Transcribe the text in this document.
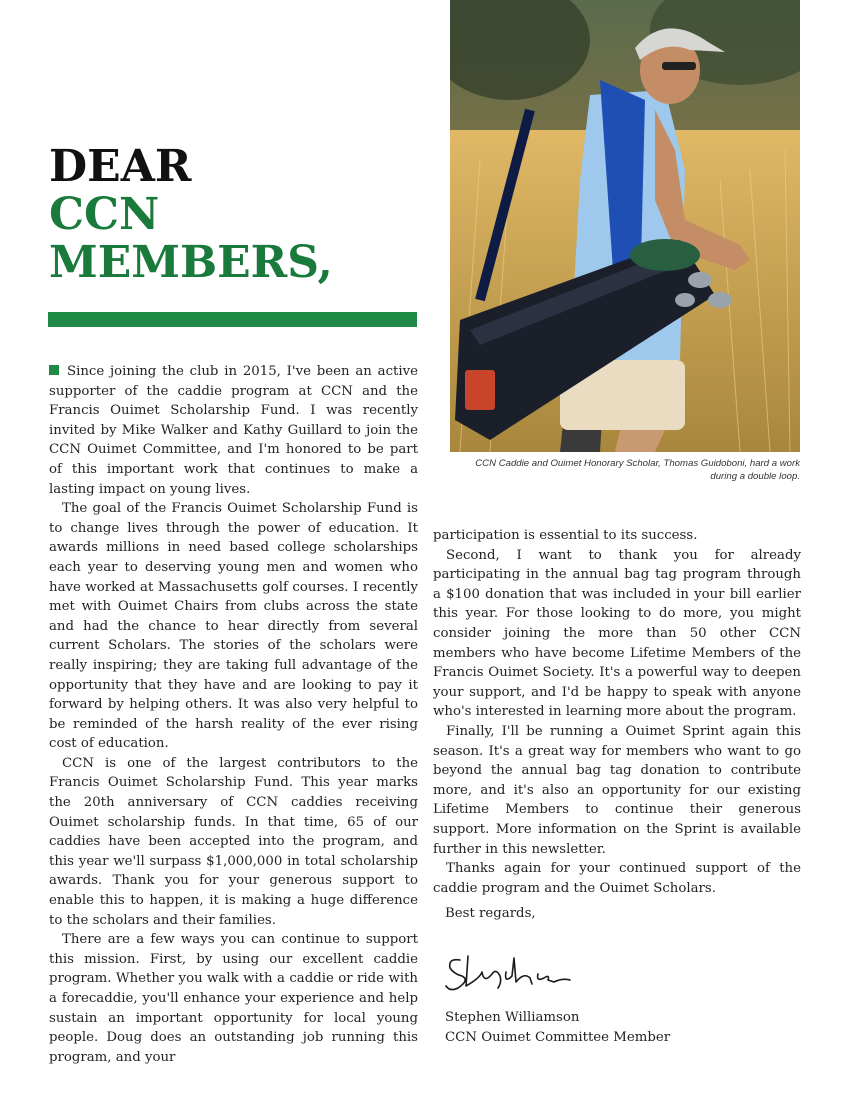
DEAR
CCN
MEMBERS,
CCN Caddie and Ouimet Honorary Scholar, Thomas Guidoboni, hard a work during a double loop.

Since joining the club in 2015, I've been an active supporter of the caddie program at CCN and the Francis Ouimet Scholarship Fund. I was recently invited by Mike Walker and Kathy Guillard to join the CCN Ouimet Committee, and I'm honored to be part of this important work that continues to make a lasting impact on young lives.

The goal of the Francis Ouimet Scholarship Fund is to change lives through the power of education. It awards millions in need based college scholarships each year to deserving young men and women who have worked at Massachusetts golf courses. I recently met with Ouimet Chairs from clubs across the state and had the chance to hear directly from several current Scholars. The stories of the scholars were really inspiring; they are taking full advantage of the opportunity that they have and are looking to pay it forward by helping others. It was also very helpful to be reminded of the harsh reality of the ever rising cost of education.

CCN is one of the largest contributors to the Francis Ouimet Scholarship Fund. This year marks the 20th anniversary of CCN caddies receiving Ouimet scholarship funds. In that time, 65 of our caddies have been accepted into the program, and this year we'll surpass $1,000,000 in total scholarship awards. Thank you for your generous support to enable this to happen, it is making a huge difference to the scholars and their families.

There are a few ways you can continue to support this mission. First, by using our excellent caddie program. Whether you walk with a caddie or ride with a forecaddie, you'll enhance your experience and help sustain an important opportunity for local young people. Doug does an outstanding job running this program, and your

participation is essential to its success.

Second, I want to thank you for already participating in the annual bag tag program through a $100 donation that was included in your bill earlier this year. For those looking to do more, you might consider joining the more than 50 other CCN members who have become Lifetime Members of the Francis Ouimet Society. It's a powerful way to deepen your support, and I'd be happy to speak with anyone who's interested in learning more about the program.

Finally, I'll be running a Ouimet Sprint again this season. It's a great way for members who want to go beyond the annual bag tag donation to contribute more, and it's also an opportunity for our existing Lifetime Members to continue their generous support. More information on the Sprint is available further in this newsletter.

Thanks again for your continued support of the caddie program and the Ouimet Scholars.

Best regards,
Stephen Williamson
CCN Ouimet Committee Member
